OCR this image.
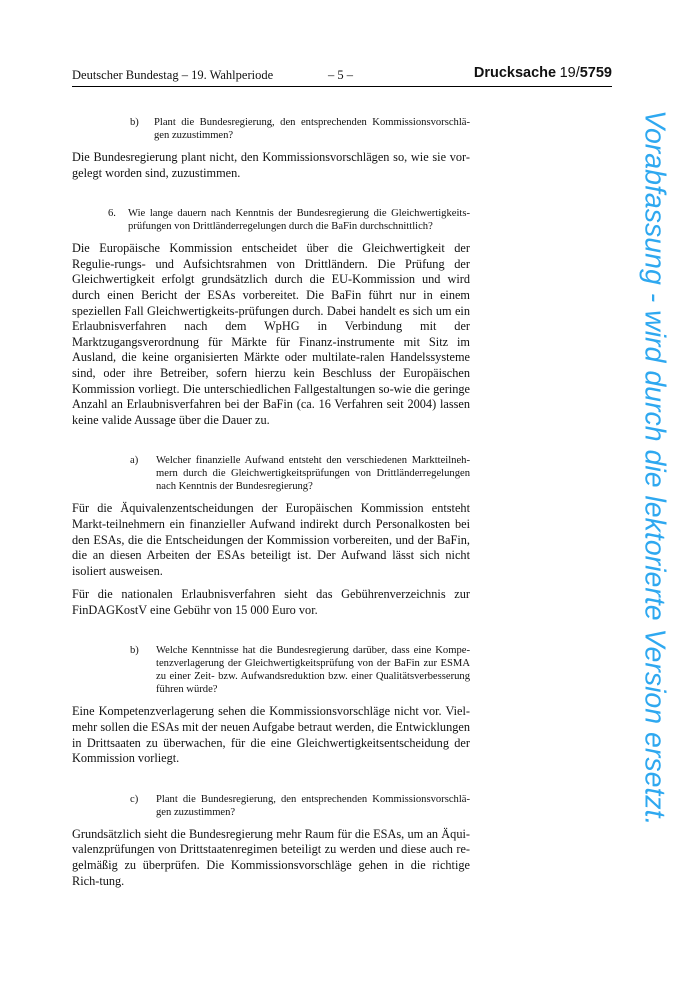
Deutscher Bundestag – 19. Wahlperiode	– 5 –	Drucksache 19/5759
b)	Plant die Bundesregierung, den entsprechenden Kommissionsvorschlä-gen zuzustimmen?

Die Bundesregierung plant nicht, den Kommissionsvorschlägen so, wie sie vor-gelegt worden sind, zuzustimmen.

6. Wie lange dauern nach Kenntnis der Bundesregierung die Gleichwertigkeits-prüfungen von Drittländerregelungen durch die BaFin durchschnittlich?

Die Europäische Kommission entscheidet über die Gleichwertigkeit der Regulie-rungs- und Aufsichtsrahmen von Drittländern. Die Prüfung der Gleichwertigkeit erfolgt grundsätzlich durch die EU-Kommission und wird durch einen Bericht der ESAs vorbereitet. Die BaFin führt nur in einem speziellen Fall Gleichwertigkeits-prüfungen durch. Dabei handelt es sich um ein Erlaubnisverfahren nach dem WpHG in Verbindung mit der Marktzugangsverordnung für Märkte für Finanz-instrumente mit Sitz im Ausland, die keine organisierten Märkte oder multilate-ralen Handelssysteme sind, oder ihre Betreiber, sofern hierzu kein Beschluss der Europäischen Kommission vorliegt. Die unterschiedlichen Fallgestaltungen so-wie die geringe Anzahl an Erlaubnisverfahren bei der BaFin (ca. 16 Verfahren seit 2004) lassen keine valide Aussage über die Dauer zu.

a)	Welcher finanzielle Aufwand entsteht den verschiedenen Marktteilneh-mern durch die Gleichwertigkeitsprüfungen von Drittländerregelungen nach Kenntnis der Bundesregierung?

Für die Äquivalenzentscheidungen der Europäischen Kommission entsteht Markt-teilnehmern ein finanzieller Aufwand indirekt durch Personalkosten bei den ESAs, die die Entscheidungen der Kommission vorbereiten, und der BaFin, die an diesen Arbeiten der ESAs beteiligt ist. Der Aufwand lässt sich nicht isoliert ausweisen.

Für die nationalen Erlaubnisverfahren sieht das Gebührenverzeichnis zur FinDAGKostV eine Gebühr von 15 000 Euro vor.

b)	Welche Kenntnisse hat die Bundesregierung darüber, dass eine Kompe-tenzverlagerung der Gleichwertigkeitsprüfung von der BaFin zur ESMA zu einer Zeit- bzw. Aufwandsreduktion bzw. einer Qualitätsverbesserung führen würde?

Eine Kompetenzverlagerung sehen die Kommissionsvorschläge nicht vor. Viel-mehr sollen die ESAs mit der neuen Aufgabe betraut werden, die Entwicklungen in Drittsaaten zu überwachen, für die eine Gleichwertigkeitsentscheidung der Kommission vorliegt.

c)	Plant die Bundesregierung, den entsprechenden Kommissionsvorschlä-gen zuzustimmen?

Grundsätzlich sieht die Bundesregierung mehr Raum für die ESAs, um an Äqui-valenzprüfungen von Drittstaatenregimen beteiligt zu werden und diese auch re-gelmäßig zu überprüfen. Die Kommissionsvorschläge gehen in die richtige Rich-tung.

Vorabfassung - wird durch die lektorierte Version ersetzt.
